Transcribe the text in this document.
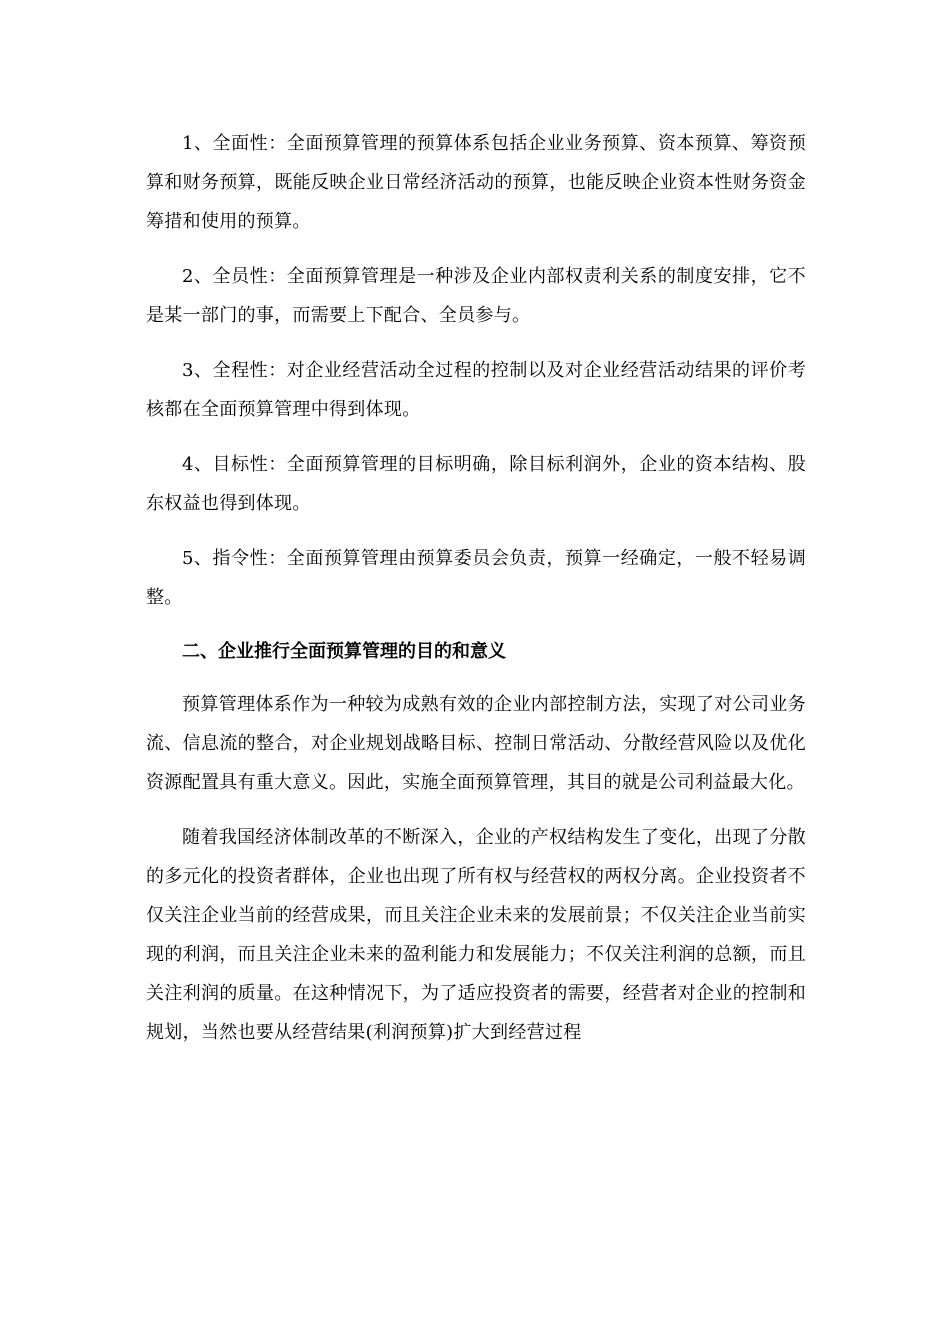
1、全面性：全面预算管理的预算体系包括企业业务预算、资本预算、筹资预算和财务预算，既能反映企业日常经济活动的预算，也能反映企业资本性财务资金筹措和使用的预算。

2、全员性：全面预算管理是一种涉及企业内部权责利关系的制度安排，它不是某一部门的事，而需要上下配合、全员参与。

3、全程性：对企业经营活动全过程的控制以及对企业经营活动结果的评价考核都在全面预算管理中得到体现。

4、目标性：全面预算管理的目标明确，除目标利润外，企业的资本结构、股东权益也得到体现。

5、指令性：全面预算管理由预算委员会负责，预算一经确定，一般不轻易调整。

二、企业推行全面预算管理的目的和意义

预算管理体系作为一种较为成熟有效的企业内部控制方法，实现了对公司业务流、信息流的整合，对企业规划战略目标、控制日常活动、分散经营风险以及优化资源配置具有重大意义。因此，实施全面预算管理，其目的就是公司利益最大化。

随着我国经济体制改革的不断深入，企业的产权结构发生了变化，出现了分散的多元化的投资者群体，企业也出现了所有权与经营权的两权分离。企业投资者不仅关注企业当前的经营成果，而且关注企业未来的发展前景；不仅关注企业当前实现的利润，而且关注企业未来的盈利能力和发展能力；不仅关注利润的总额，而且关注利润的质量。在这种情况下，为了适应投资者的需要，经营者对企业的控制和规划，当然也要从经营结果(利润预算)扩大到经营过程
